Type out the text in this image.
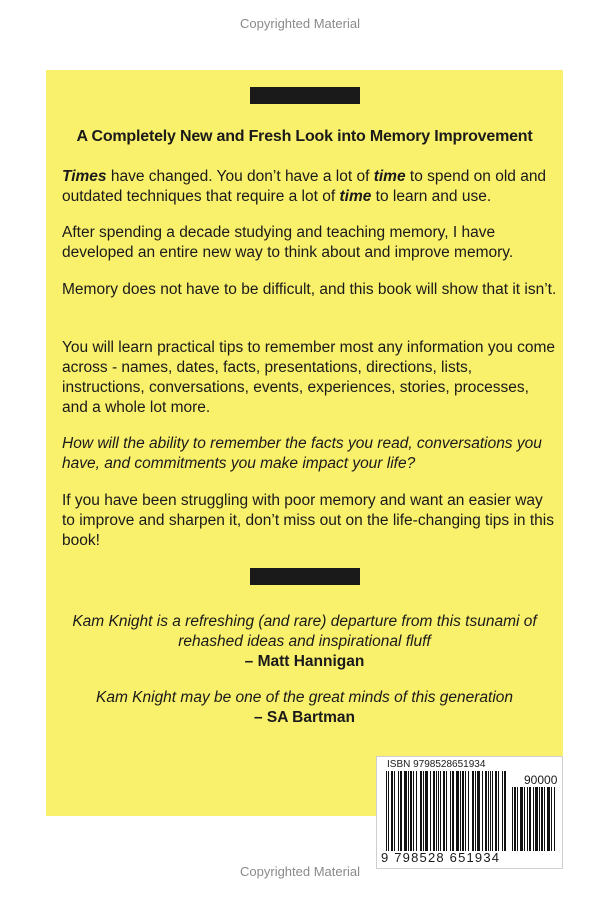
Copyrighted Material
A Completely New and Fresh Look into Memory Improvement
Times have changed. You don’t have a lot of time to spend on old and outdated techniques that require a lot of time to learn and use.
After spending a decade studying and teaching memory, I have developed an entire new way to think about and improve memory.
Memory does not have to be difficult, and this book will show that it isn’t.
You will learn practical tips to remember most any information you come across - names, dates, facts, presentations, directions, lists, instructions, conversations, events, experiences, stories, processes, and a whole lot more.
How will the ability to remember the facts you read, conversations you have, and commitments you make impact your life?
If you have been struggling with poor memory and want an easier way to improve and sharpen it, don’t miss out on the life-changing tips in this book!
Kam Knight is a refreshing (and rare) departure from this tsunami of rehashed ideas and inspirational fluff
– Matt Hannigan
Kam Knight may be one of the great minds of this generation
– SA Bartman
ISBN 9798528651934
90000
9 798528 651934
Copyrighted Material
